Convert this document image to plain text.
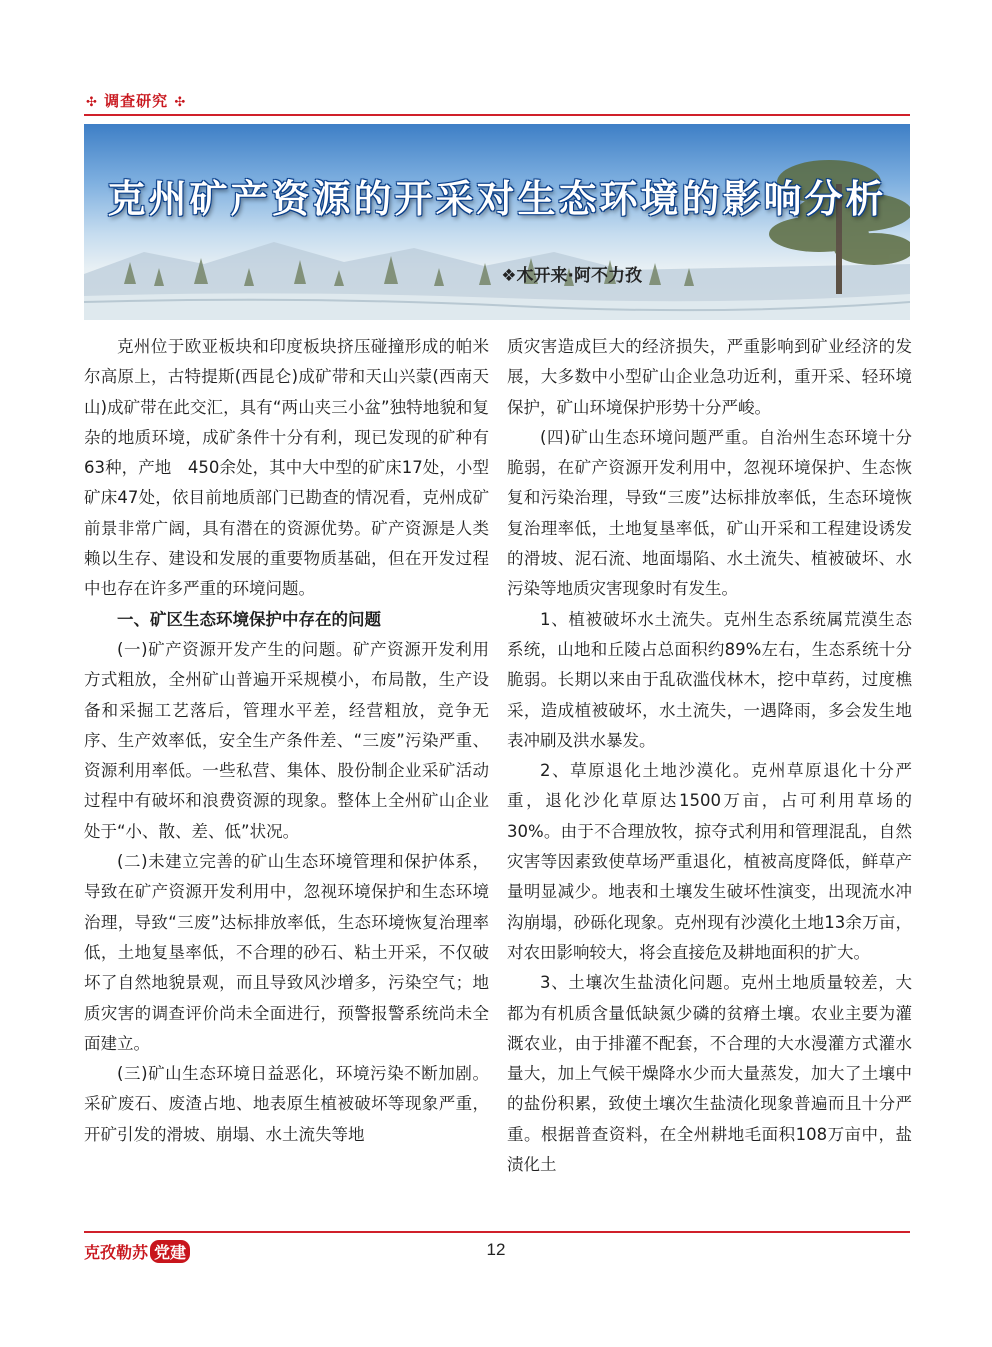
✣ 调查研究 ✣
克州矿产资源的开采对生态环境的影响分析
❖木开来·阿不力孜

克州位于欧亚板块和印度板块挤压碰撞形成的帕米尔高原上，古特提斯(西昆仑)成矿带和天山兴蒙(西南天山)成矿带在此交汇，具有“两山夹三小盆”独特地貌和复杂的地质环境，成矿条件十分有利，现已发现的矿种有63种，产地　450余处，其中大中型的矿床17处，小型矿床47处，依目前地质部门已勘查的情况看，克州成矿前景非常广阔，具有潜在的资源优势。矿产资源是人类赖以生存、建设和发展的重要物质基础，但在开发过程中也存在许多严重的环境问题。

一、矿区生态环境保护中存在的问题

(一)矿产资源开发产生的问题。矿产资源开发利用方式粗放，全州矿山普遍开采规模小，布局散，生产设备和采掘工艺落后，管理水平差，经营粗放，竞争无序、生产效率低，安全生产条件差、“三废”污染严重、资源利用率低。一些私营、集体、股份制企业采矿活动过程中有破坏和浪费资源的现象。整体上全州矿山企业处于“小、散、差、低”状况。

(二)未建立完善的矿山生态环境管理和保护体系，导致在矿产资源开发利用中，忽视环境保护和生态环境治理，导致“三废”达标排放率低，生态环境恢复治理率低，土地复垦率低，不合理的砂石、粘土开采，不仅破坏了自然地貌景观，而且导致风沙增多，污染空气；地质灾害的调查评价尚未全面进行，预警报警系统尚未全面建立。

(三)矿山生态环境日益恶化，环境污染不断加剧。采矿废石、废渣占地、地表原生植被破坏等现象严重，开矿引发的滑坡、崩塌、水土流失等地

质灾害造成巨大的经济损失，严重影响到矿业经济的发展，大多数中小型矿山企业急功近利，重开采、轻环境保护，矿山环境保护形势十分严峻。

(四)矿山生态环境问题严重。自治州生态环境十分脆弱，在矿产资源开发利用中，忽视环境保护、生态恢复和污染治理，导致“三废”达标排放率低，生态环境恢复治理率低，土地复垦率低，矿山开采和工程建设诱发的滑坡、泥石流、地面塌陷、水土流失、植被破坏、水污染等地质灾害现象时有发生。

1、植被破坏水土流失。克州生态系统属荒漠生态系统，山地和丘陵占总面积约89%左右，生态系统十分脆弱。长期以来由于乱砍滥伐林木，挖中草药，过度樵采，造成植被破坏，水土流失，一遇降雨，多会发生地表冲刷及洪水暴发。

2、草原退化土地沙漠化。克州草原退化十分严重，退化沙化草原达1500万亩，占可利用草场的30%。由于不合理放牧，掠夺式利用和管理混乱，自然灾害等因素致使草场严重退化，植被高度降低，鲜草产量明显减少。地表和土壤发生破坏性演变，出现流水冲沟崩塌，砂砾化现象。克州现有沙漠化土地13余万亩，对农田影响较大，将会直接危及耕地面积的扩大。

3、土壤次生盐渍化问题。克州土地质量较差，大都为有机质含量低缺氮少磷的贫瘠土壤。农业主要为灌溉农业，由于排灌不配套，不合理的大水漫灌方式灌水量大，加上气候干燥降水少而大量蒸发，加大了土壤中的盐份积累，致使土壤次生盐渍化现象普遍而且十分严重。根据普查资料，在全州耕地毛面积108万亩中，盐渍化土

克孜勒苏 党建	12
